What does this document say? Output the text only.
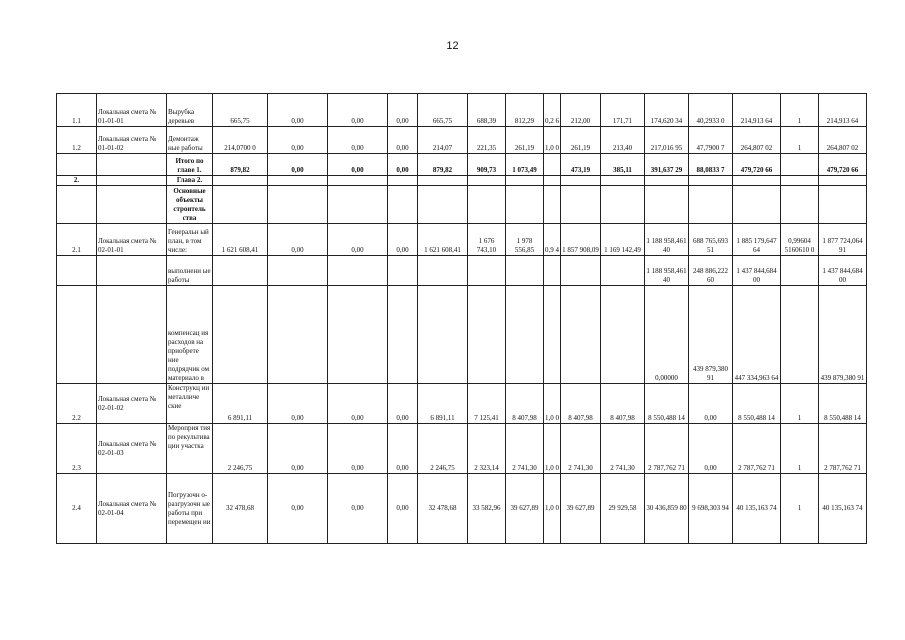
12
1.1	Локальная смета № 01-01-01	Вырубка деревьев	665,75	0,00	0,00	0,00	665,75	688,39	812,29	0,2 6	212,00	171,71	174,620 34	40,2933 0	214,913 64	1	214,913 64
1.2	Локальная смета № 01-01-02	Демонтаж ные работы	214,0700 0	0,00	0,00	0,00	214,07	221,35	261,19	1,0 0	261,19	213,40	217,016 95	47,7900 7	264,807 02	1	264,807 02
		Итого по главе 1.	879,82	0,00	0,00	0,00	879,82	909,73	1 073,49		473,19	385,11	391,637 29	88,0833 7	479,720 66		479,720 66
2.		Глава 2.															
		Основные объекты строитель ства															
2.1	Локальная смета № 02-01-01	Генеральн ый план, в том числе:	1 621 608,41	0,00	0,00	0,00	1 621 608,41	1 676 743,10	1 978 556,85	0,9 4	1 857 908,09	1 169 142,49	1 188 958,461 40	688 765,693 51	1 885 179,647 64	0,99604 5160610 0	1 877 724,064 91
		выполнени ые работы											1 188 958,461 40	248 886,222 60	1 437 844,684 00		1 437 844,684 00
		компенсац ия расходов на приобрете ние подрядчик ом материало в											0,00000	439 879,380 91	447 334,963 64		439 879,380 91
2.2	Локальная смета № 02-01-02	Конструкц ии металличе ские	6 891,11	0,00	0,00	0,00	6 891,11	7 125,41	8 407,98	1,0 0	8 407,98	8 407,98	8 550,488 14	0,00	8 550,488 14	1	8 550,488 14
2.3	Локальная смета № 02-01-03	Мероприя тия по рекультива ции участка	2 246,75	0,00	0,00	0,00	2 246,75	2 323,14	2 741,30	1,0 0	2 741,30	2 741,30	2 787,762 71	0,00	2 787,762 71	1	2 787,762 71
2.4	Локальная смета № 02-01-04	Погрузочн о-разгрузочн ые работы при перемещен ии	32 478,68	0,00	0,00	0,00	32 478,68	33 582,96	39 627,89	1,0 0	39 627,89	29 929,58	30 436,859 80	9 698,303 94	40 135,163 74	1	40 135,163 74
